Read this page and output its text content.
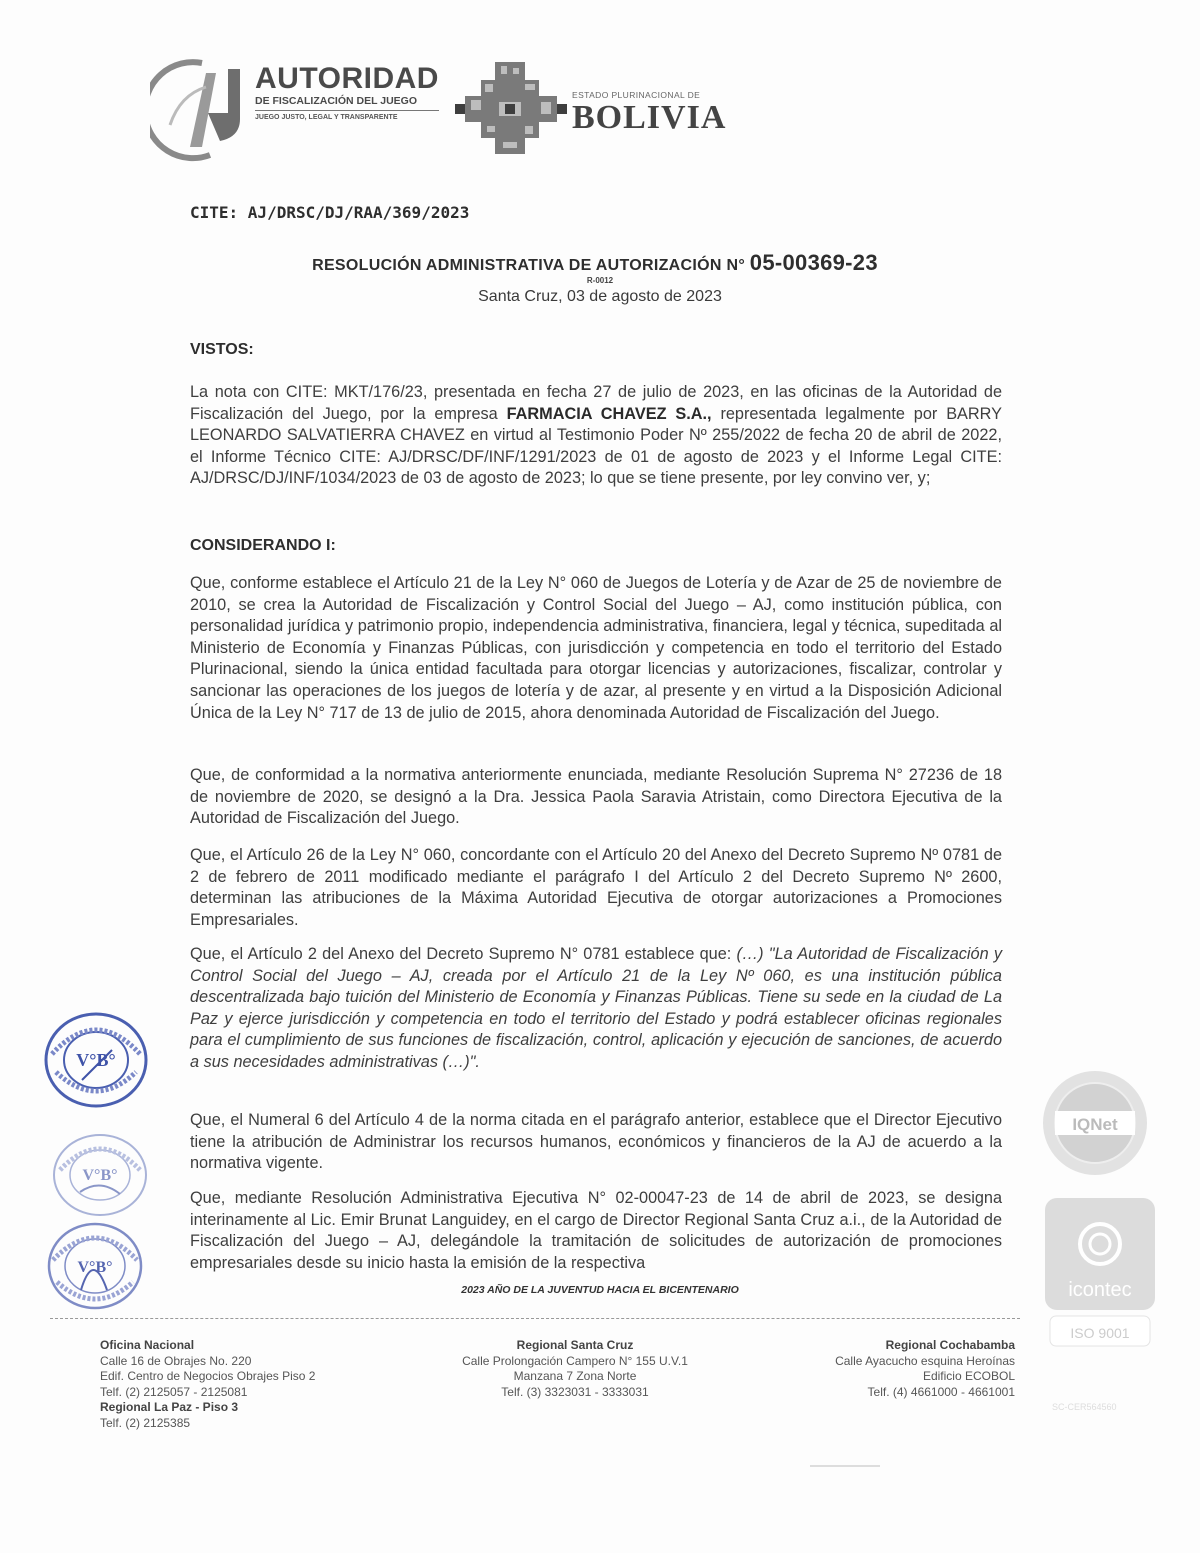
AUTORIDAD
DE FISCALIZACIÓN DEL JUEGO
JUEGO JUSTO, LEGAL Y TRANSPARENTE
ESTADO PLURINACIONAL DE
BOLIVIA
CITE: AJ/DRSC/DJ/RAA/369/2023
RESOLUCIÓN ADMINISTRATIVA DE AUTORIZACIÓN N° 05-00369-23
R-0012
Santa Cruz, 03 de agosto de 2023
VISTOS:
La nota con CITE: MKT/176/23, presentada en fecha 27 de julio de 2023, en las oficinas de la Autoridad de Fiscalización del Juego, por la empresa FARMACIA CHAVEZ S.A., representada legalmente por BARRY LEONARDO SALVATIERRA CHAVEZ en virtud al Testimonio Poder Nº 255/2022 de fecha 20 de abril de 2022, el Informe Técnico CITE: AJ/DRSC/DF/INF/1291/2023 de 01 de agosto de 2023 y el Informe Legal CITE: AJ/DRSC/DJ/INF/1034/2023 de 03 de agosto de 2023; lo que se tiene presente, por ley convino ver, y;
CONSIDERANDO I:
Que, conforme establece el Artículo 21 de la Ley N° 060 de Juegos de Lotería y de Azar de 25 de noviembre de 2010, se crea la Autoridad de Fiscalización y Control Social del Juego – AJ, como institución pública, con personalidad jurídica y patrimonio propio, independencia administrativa, financiera, legal y técnica, supeditada al Ministerio de Economía y Finanzas Públicas, con jurisdicción y competencia en todo el territorio del Estado Plurinacional, siendo la única entidad facultada para otorgar licencias y autorizaciones, fiscalizar, controlar y sancionar las operaciones de los juegos de lotería y de azar, al presente y en virtud a la Disposición Adicional Única de la Ley N° 717 de 13 de julio de 2015, ahora denominada Autoridad de Fiscalización del Juego.
Que, de conformidad a la normativa anteriormente enunciada, mediante Resolución Suprema N° 27236 de 18 de noviembre de 2020, se designó a la Dra. Jessica Paola Saravia Atristain, como Directora Ejecutiva de la Autoridad de Fiscalización del Juego.
Que, el Artículo 26 de la Ley N° 060, concordante con el Artículo 20 del Anexo del Decreto Supremo Nº 0781 de 2 de febrero de 2011 modificado mediante el parágrafo I del Artículo 2 del Decreto Supremo Nº 2600, determinan las atribuciones de la Máxima Autoridad Ejecutiva de otorgar autorizaciones a Promociones Empresariales.
Que, el Artículo 2 del Anexo del Decreto Supremo N° 0781 establece que: (…) "La Autoridad de Fiscalización y Control Social del Juego – AJ, creada por el Artículo 21 de la Ley Nº 060, es una institución pública descentralizada bajo tuición del Ministerio de Economía y Finanzas Públicas. Tiene su sede en la ciudad de La Paz y ejerce jurisdicción y competencia en todo el territorio del Estado y podrá establecer oficinas regionales para el cumplimiento de sus funciones de fiscalización, control, aplicación y ejecución de sanciones, de acuerdo a sus necesidades administrativas (…)".
Que, el Numeral 6 del Artículo 4 de la norma citada en el parágrafo anterior, establece que el Director Ejecutivo tiene la atribución de Administrar los recursos humanos, económicos y financieros de la AJ de acuerdo a la normativa vigente.
Que, mediante Resolución Administrativa Ejecutiva N° 02-00047-23 de 14 de abril de 2023, se designa interinamente al Lic. Emir Brunat Languidey, en el cargo de Director Regional Santa Cruz a.i., de la Autoridad de Fiscalización del Juego – AJ, delegándole la tramitación de solicitudes de autorización de promociones empresariales desde su inicio hasta la emisión de la respectiva
2023 AÑO DE LA JUVENTUD HACIA EL BICENTENARIO
V°B°
V°B°
V°B°
IQNet
icontec
ISO 9001
SC-CER564560
Oficina Nacional
Calle 16 de Obrajes No. 220
Edif. Centro de Negocios Obrajes Piso 2
Telf. (2) 2125057 - 2125081
Regional La Paz - Piso 3
Telf. (2) 2125385
Regional Santa Cruz
Calle Prolongación Campero N° 155 U.V.1
Manzana 7 Zona Norte
Telf. (3) 3323031 - 3333031
Regional Cochabamba
Calle Ayacucho esquina Heroínas
Edificio ECOBOL
Telf. (4) 4661000 - 4661001
